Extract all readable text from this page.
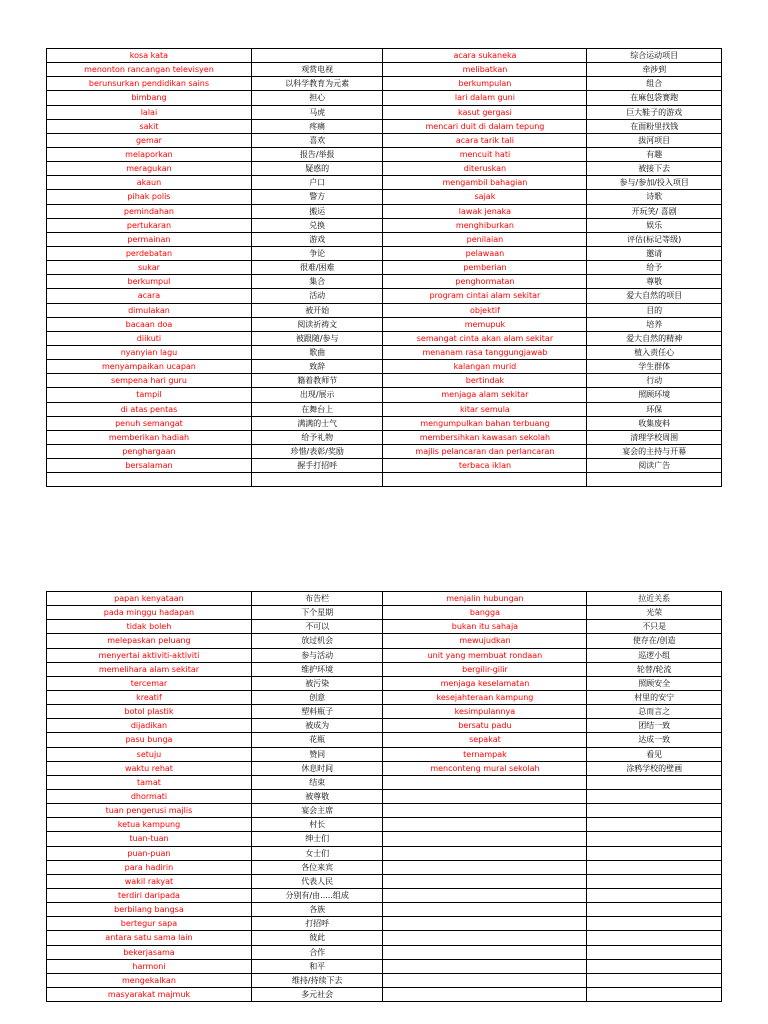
kosa kata		acara sukaneka	综合运动项目
menonton rancangan televisyen	观赏电视	melibatkan	牵涉到
berunsurkan pendidikan sains	以科学教育为元素	berkumpulan	组合
bimbang	担心	lari dalam guni	在麻包袋赛跑
lalai	马虎	kasut gergasi	巨大鞋子的游戏
sakit	疼痛	mencari duit di dalam tepung	在面粉里找钱
gemar	喜欢	acara tarik tali	拔河项目
melaporkan	报告/举报	mencuit hati	有趣
meragukan	疑惑的	diteruskan	被接下去
akaun	户口	mengambil bahagian	参与/参加/投入项目
pihak polis	警方	sajak	诗歌
pemindahan	搬运	lawak jenaka	开玩笑/ 喜剧
pertukaran	兑换	menghiburkan	娱乐
permainan	游戏	penilaian	评估(标记等级)
perdebatan	争论	pelawaan	邀请
sukar	很难/困难	pemberian	给予
berkumpul	集合	penghormatan	尊敬
acara	活动	program cintai alam sekitar	爱大自然的项目
dimulakan	被开始	objektif	目的
bacaan doa	阅读祈祷文	memupuk	培养
diikuti	被跟随/参与	semangat cinta akan alam sekitar	爱大自然的精神
nyanyian lagu	歌曲	menanam rasa tanggungjawab	植入责任心
menyampaikan ucapan	致辞	kalangan murid	学生群体
sempena hari guru	籍着教师节	bertindak	行动
tampil	出现/展示	menjaga alam sekitar	照顾环境
di atas pentas	在舞台上	kitar semula	环保
penuh semangat	满满的士气	mengumpulkan bahan terbuang	收集废料
memberikan hadiah	给予礼物	membersihkan kawasan sekolah	清理学校周围
penghargaan	珍惜/表彰/奖励	majlis pelancaran dan perlancaran	宴会的主持与开幕
bersalaman	握手打招呼	terbaca iklan	阅读广告

papan kenyataan	布告栏	menjalin hubungan	拉近关系
pada minggu hadapan	下个星期	bangga	光荣
tidak boleh	不可以	bukan itu sahaja	不只是
melepaskan peluang	放过机会	mewujudkan	使存在/创造
menyertai aktiviti-aktiviti	参与活动	unit yang membuat rondaan	巡逻小组
memelihara alam sekitar	维护环境	bergilir-gilir	轮替/轮流
tercemar	被污染	menjaga keselamatan	照顾安全
kreatif	创意	kesejahteraan kampung	村里的安宁
botol plastik	塑料瓶子	kesimpulannya	总而言之
dijadikan	被成为	bersatu padu	团结一致
pasu bunga	花瓶	sepakat	达成一致
setuju	赞同	ternampak	看见
waktu rehat	休息时间	menconteng mural sekolah	涂鸦学校的壁画
tamat	结束		
dhormati	被尊敬		
tuan pengerusi majlis	宴会主席		
ketua kampung	村长		
tuan-tuan	绅士们		
puan-puan	女士们		
para hadirin	各位来宾		
wakil rakyat	代表人民		
terdiri daripada	分别有/由.....组成		
berbilang bangsa	各族		
bertegur sapa	打招呼		
antara satu sama lain	彼此		
bekerjasama	合作		
harmoni	和平		
mengekalkan	维持/持续下去		
masyarakat majmuk	多元社会		
